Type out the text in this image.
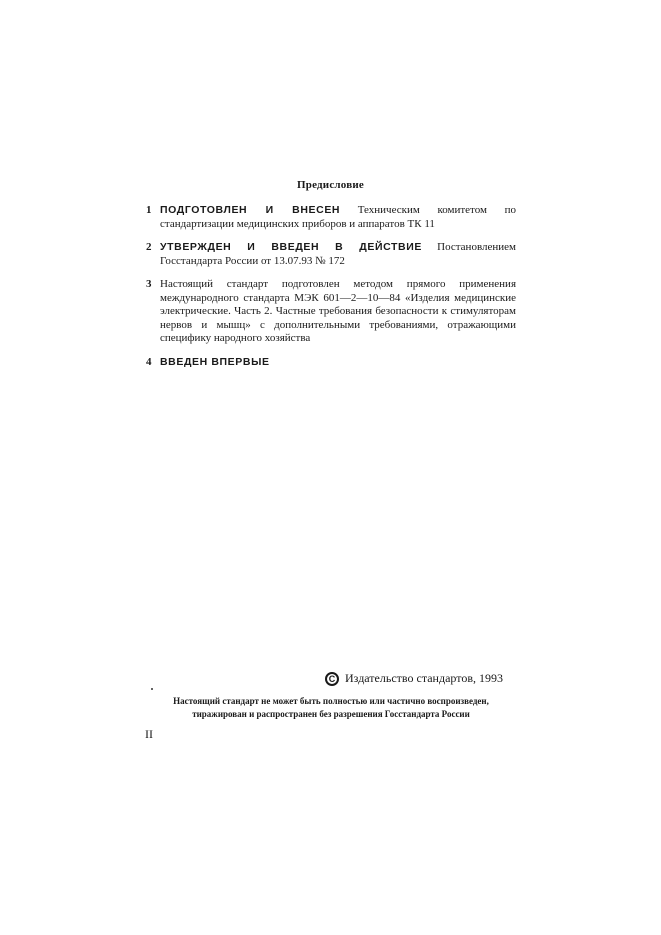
Предисловие
1 ПОДГОТОВЛЕН И ВНЕСЕН Техническим комитетом по стандартизации медицинских приборов и аппаратов ТК 11
2 УТВЕРЖДЕН И ВВЕДЕН В ДЕЙСТВИЕ Постановлением Госстандарта России от 13.07.93 № 172
3 Настоящий стандарт подготовлен методом прямого применения международного стандарта МЭК 601—2—10—84 «Изделия медицинские электрические. Часть 2. Частные требования безопасности к стимуляторам нервов и мышц» с дополнительными требованиями, отражающими специфику народного хозяйства
4 ВВЕДЕН ВПЕРВЫЕ
C Издательство стандартов, 1993
Настоящий стандарт не может быть полностью или частично воспроизведен, тиражирован и распространен без разрешения Госстандарта России
II
